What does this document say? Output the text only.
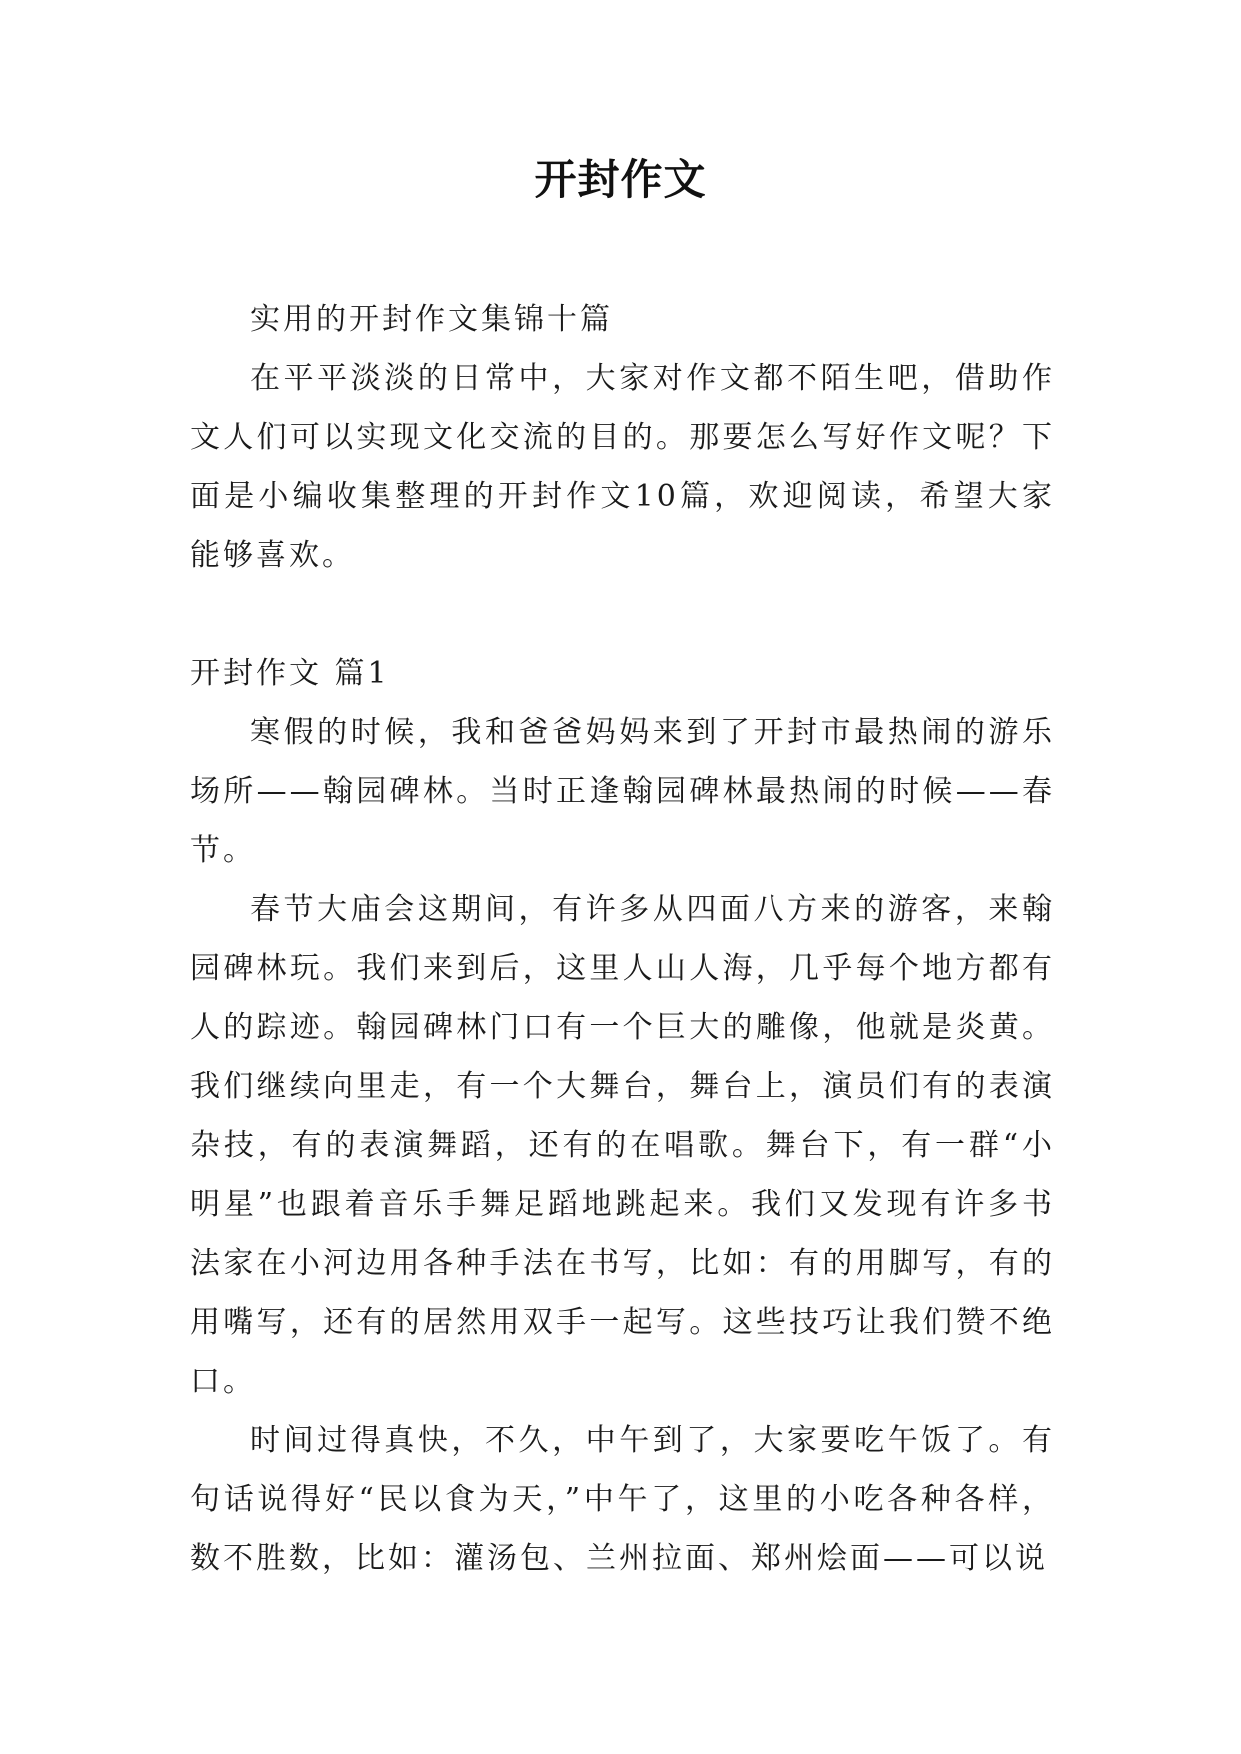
开封作文

实用的开封作文集锦十篇

在平平淡淡的日常中，大家对作文都不陌生吧，借助作文人们可以实现文化交流的目的。那要怎么写好作文呢？下面是小编收集整理的开封作文10篇，欢迎阅读，希望大家能够喜欢。

开封作文 篇1

寒假的时候，我和爸爸妈妈来到了开封市最热闹的游乐场所——翰园碑林。当时正逢翰园碑林最热闹的时候——春节。

春节大庙会这期间，有许多从四面八方来的游客，来翰园碑林玩。我们来到后，这里人山人海，几乎每个地方都有人的踪迹。翰园碑林门口有一个巨大的雕像，他就是炎黄。我们继续向里走，有一个大舞台，舞台上，演员们有的表演杂技，有的表演舞蹈，还有的在唱歌。舞台下，有一群“小明星”也跟着音乐手舞足蹈地跳起来。我们又发现有许多书法家在小河边用各种手法在书写，比如：有的用脚写，有的用嘴写，还有的居然用双手一起写。这些技巧让我们赞不绝口。

时间过得真快，不久，中午到了，大家要吃午饭了。有句话说得好“民以食为天，”中午了，这里的小吃各种各样，数不胜数，比如：灌汤包、兰州拉面、郑州烩面——可以说
